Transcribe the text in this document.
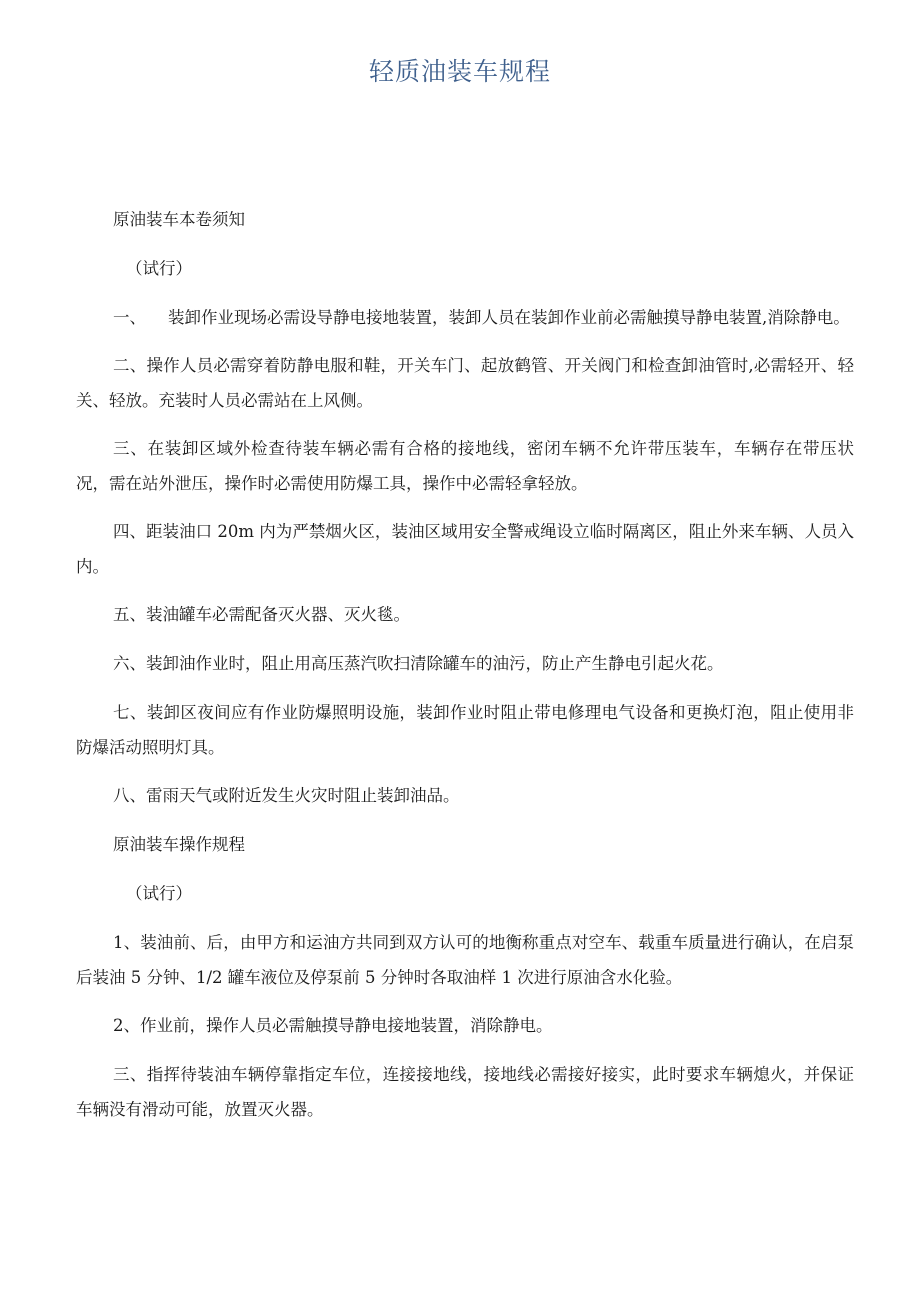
轻质油装车规程

原油装车本卷须知

（试行）

一、 装卸作业现场必需设导静电接地装置，装卸人员在装卸作业前必需触摸导静电装置,消除静电。

二、操作人员必需穿着防静电服和鞋，开关车门、起放鹤管、开关阀门和检查卸油管时,必需轻开、轻关、轻放。充装时人员必需站在上风侧。

三、在装卸区域外检查待装车辆必需有合格的接地线，密闭车辆不允许带压装车，车辆存在带压状况，需在站外泄压，操作时必需使用防爆工具，操作中必需轻拿轻放。

四、距装油口 20m 内为严禁烟火区，装油区域用安全警戒绳设立临时隔离区，阻止外来车辆、人员入内。

五、装油罐车必需配备灭火器、灭火毯。

六、装卸油作业时，阻止用高压蒸汽吹扫清除罐车的油污，防止产生静电引起火花。

七、装卸区夜间应有作业防爆照明设施，装卸作业时阻止带电修理电气设备和更换灯泡，阻止使用非防爆活动照明灯具。

八、雷雨天气或附近发生火灾时阻止装卸油品。

原油装车操作规程

（试行）

1、装油前、后，由甲方和运油方共同到双方认可的地衡称重点对空车、载重车质量进行确认，在启泵后装油 5 分钟、1/2 罐车液位及停泵前 5 分钟时各取油样 1 次进行原油含水化验。

2、作业前，操作人员必需触摸导静电接地装置，消除静电。

三、指挥待装油车辆停靠指定车位，连接接地线，接地线必需接好接实，此时要求车辆熄火，并保证车辆没有滑动可能，放置灭火器。
